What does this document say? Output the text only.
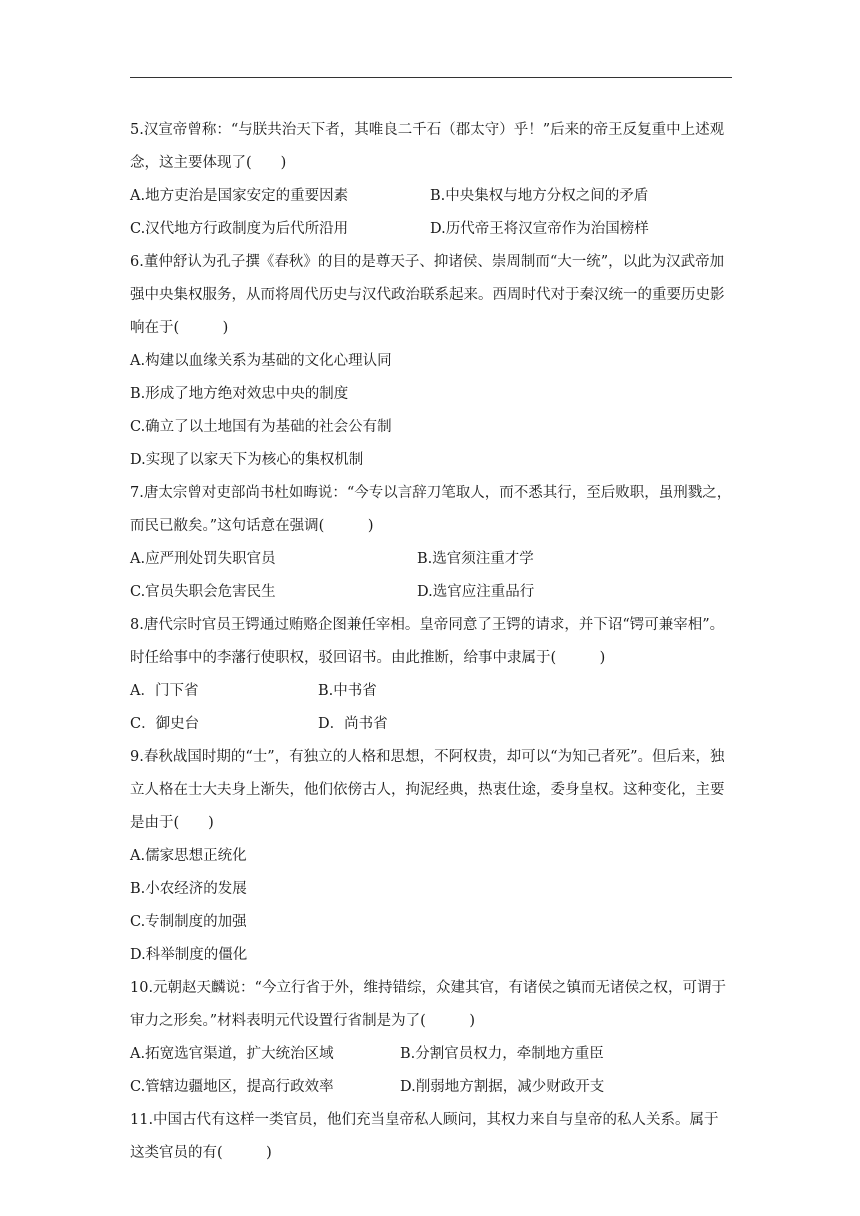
5.汉宣帝曾称：“与朕共治天下者，其唯良二千石（郡太守）乎！”后来的帝王反复重中上述观念，这主要体现了(　　)

A.地方吏治是国家安定的重要因素	B.中央集权与地方分权之间的矛盾
C.汉代地方行政制度为后代所沿用	D.历代帝王将汉宣帝作为治国榜样

6.董仲舒认为孔子撰《春秋》的目的是尊天子、抑诸侯、崇周制而“大一统”，以此为汉武帝加强中央集权服务，从而将周代历史与汉代政治联系起来。西周时代对于秦汉统一的重要历史影响在于(　　　)

A.构建以血缘关系为基础的文化心理认同
B.形成了地方绝对效忠中央的制度
C.确立了以土地国有为基础的社会公有制
D.实现了以家天下为核心的集权机制

7.唐太宗曾对吏部尚书杜如晦说：“今专以言辞刀笔取人，而不悉其行，至后败职，虽刑戮之，而民已敝矣。”这句话意在强调(　　　)

A.应严刑处罚失职官员	B.选官须注重才学
C.官员失职会危害民生	D.选官应注重品行

8.唐代宗时官员王锷通过贿赂企图兼任宰相。皇帝同意了王锷的请求，并下诏“锷可兼宰相”。时任给事中的李藩行使职权，驳回诏书。由此推断，给事中隶属于(　　　)

A．门下省	B.中书省
C．御史台	D．尚书省

9.春秋战国时期的“士”，有独立的人格和思想，不阿权贵，却可以“为知己者死”。但后来，独立人格在士大夫身上渐失，他们依傍古人，拘泥经典，热衷仕途，委身皇权。这种变化，主要是由于(　　)

A.儒家思想正统化
B.小农经济的发展
C.专制制度的加强
D.科举制度的僵化

10.元朝赵天麟说：“今立行省于外，维持错综，众建其官，有诸侯之镇而无诸侯之权，可谓于审力之形矣。”材料表明元代设置行省制是为了(　　　)

A.拓宽选官渠道，扩大统治区域	B.分割官员权力，牵制地方重臣
C.管辖边疆地区，提高行政效率	D.削弱地方割据，减少财政开支

11.中国古代有这样一类官员，他们充当皇帝私人顾问，其权力来自与皇帝的私人关系。属于这类官员的有(　　　)
